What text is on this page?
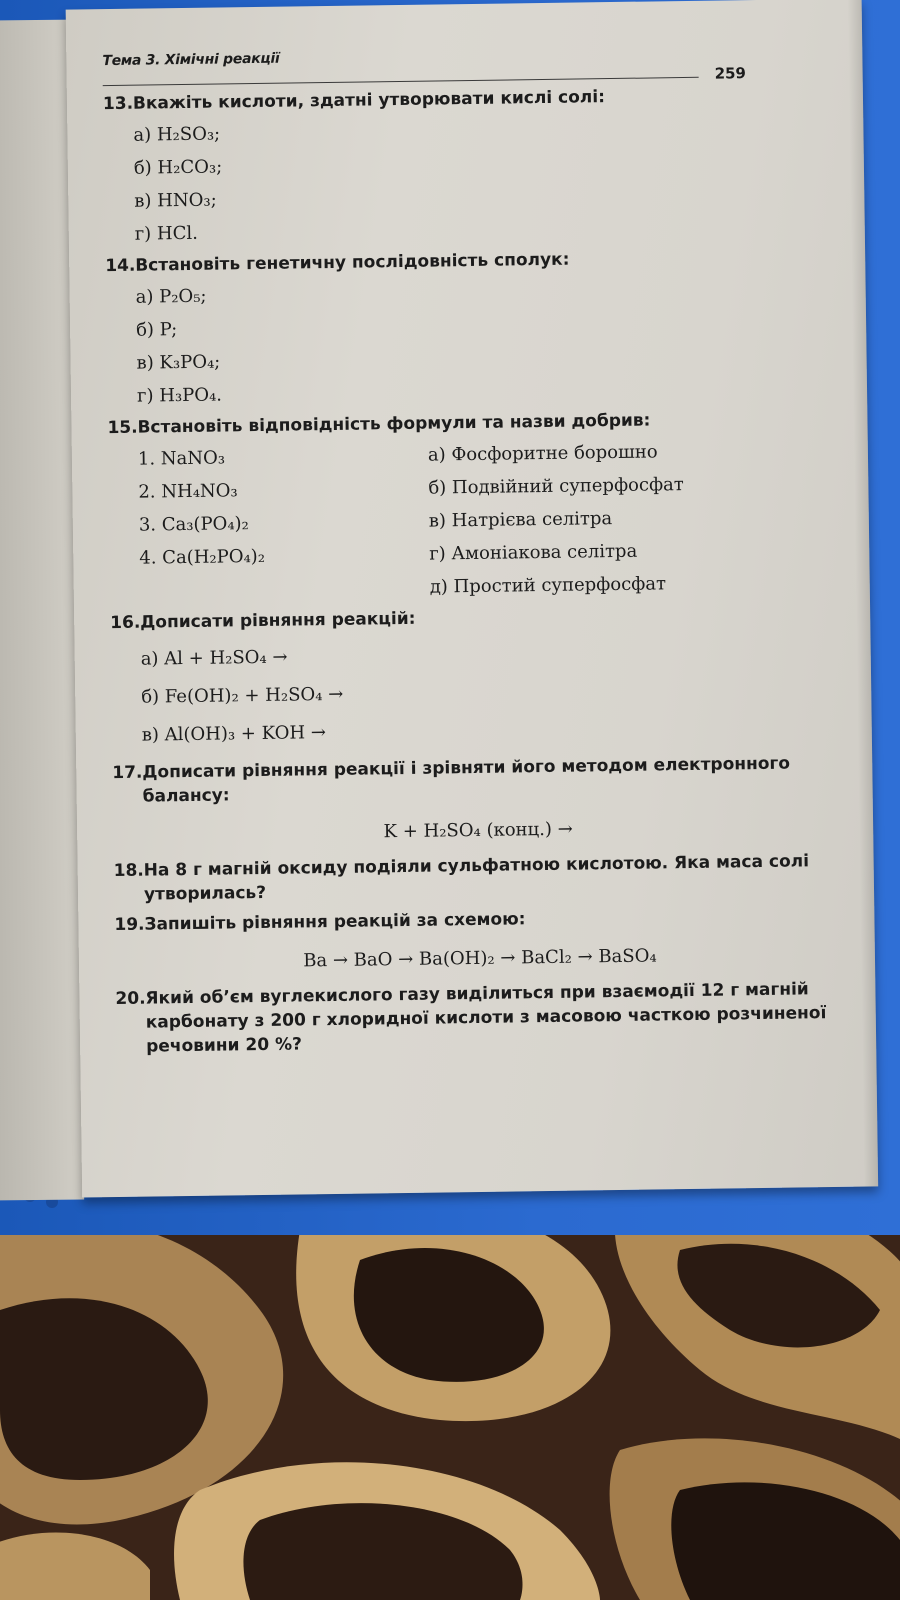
Тема 3. Хімічні реакції
259
13. Вкажіть кислоти, здатні утворювати кислі солі:
а) H₂SO₃;
б) H₂CO₃;
в) HNO₃;
г) HCl.
14. Встановіть генетичну послідовність сполук:
а) P₂O₅;
б) P;
в) K₃PO₄;
г) H₃PO₄.
15. Встановіть відповідність формули та назви добрив:
1. NaNO₃	а) Фосфоритне борошно
2. NH₄NO₃	б) Подвійний суперфосфат
3. Ca₃(PO₄)₂	в) Натрієва селітра
4. Ca(H₂PO₄)₂	г) Амоніакова селітра
д) Простий суперфосфат
16. Дописати рівняння реакцій:
а) Al + H₂SO₄ →
б) Fe(OH)₂ + H₂SO₄ →
в) Al(OH)₃ + KOH →
17. Дописати рівняння реакції і зрівняти його методом електронного балансу:
K + H₂SO₄ (конц.) →
18. На 8 г магній оксиду подіяли сульфатною кислотою. Яка маса солі утворилась?
19. Запишіть рівняння реакцій за схемою:
Ba → BaO → Ba(OH)₂ → BaCl₂ → BaSO₄
20. Який об’єм вуглекислого газу виділиться при взаємодії 12 г магній карбонату з 200 г хлоридної кислоти з масовою часткою розчиненої речовини 20 %?
